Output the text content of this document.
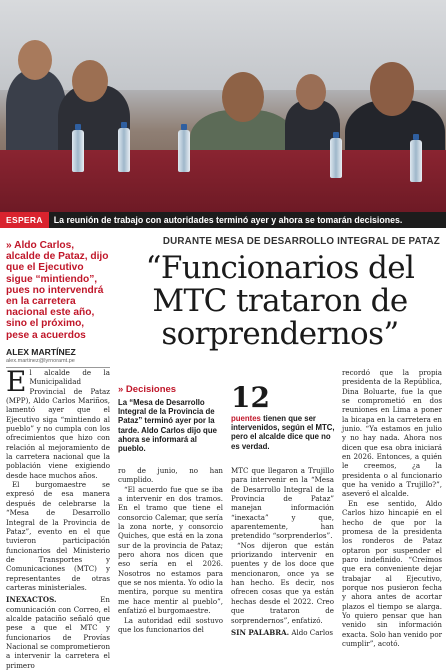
ESPERA	La reunión de trabajo con autoridades terminó ayer y ahora se tomarán decisiones.
DURANTE MESA DE DESARROLLO INTEGRAL DE PATAZ
“Funcionarios del MTC trataron de sorprendernos”
» Aldo Carlos, alcalde de Pataz, dijo que el Ejecutivo sigue “mintiendo”, pues no intervendrá en la carretera nacional este año, sino el próximo, pese a acuerdos
ALEX MARTÍNEZ
alex.martinez@lyrnoramt.pe

El alcalde de la Municipalidad Provincial de Pataz (MPP), Aldo Carlos Mariños, lamentó ayer que el Ejecutivo siga “mintiendo al pueblo” y no cumpla con los ofrecimientos que hizo con relación al mejoramiento de la carretera nacional que la población viene exigiendo desde hace muchos años.

El burgomaestre se expresó de esa manera después de celebrarse la “Mesa de Desarrollo Integral de la Provincia de Pataz”, evento en el que tuvieron participación funcionarios del Ministerio de Transportes y Comunicaciones (MTC) y representantes de otras carteras ministeriales.

INEXACTOS. En comunicación con Correo, el alcalde pataciño señaló que pese a que el MTC y funcionarios de Provías Nacional se comprometieron a intervenir la carretera el primero

» Decisiones
La “Mesa de Desarrollo Integral de la Provincia de Pataz” terminó ayer por la tarde. Aldo Carlos dijo que ahora se informará al pueblo.
12
puentes tienen que ser intervenidos, según el MTC, pero el alcalde dice que no es verdad.

ro de junio, no han cumplido.

“El acuerdo fue que se iba a intervenir en dos tramos. En el tramo que tiene el consorcio Calemar, que sería la zona norte, y consorcio Quiches, que está en la zona sur de la provincia de Pataz; pero ahora nos dicen que eso sería en el 2026. Nosotros no estamos para que se nos mienta. Yo odio la mentira, porque su mentira me hace mentir al pueblo”, enfatizó el burgomaestre.

La autoridad edil sostuvo que los funcionarios del

MTC que llegaron a Trujillo para intervenir en la “Mesa de Desarrollo Integral de la Provincia de Pataz” manejan información “inexacta” y que, aparentemente, han pretendido “sorprenderlos”.

“Nos dijeron que están priorizando intervenir en puentes y de los doce que mencionaron, once ya se han hecho. Es decir, nos ofrecen cosas que ya están hechas desde el 2022. Creo que trataron de sorprendernos”, enfatizó.

SIN PALABRA. Aldo Carlos

recordó que la propia presidenta de la República, Dina Boluarte, fue la que se comprometió en dos reuniones en Lima a poner la bicapa en la carretera en junio. “Ya estamos en julio y no hay nada. Ahora nos dicen que esa obra iniciará en 2026. Entonces, a quién le creemos, ¿a la presidenta o al funcionario que ha venido a Trujillo?”, aseveró el alcalde.

En ese sentido, Aldo Carlos hizo hincapié en el hecho de que por la promesa de la presidenta los ronderos de Pataz optaron por suspender el paro indefinido. “Creímos que era conveniente dejar trabajar al Ejecutivo, porque nos pusieron fecha y ahora antes de acortar plazos el tiempo se alarga. Yo quiero pensar que han venido sin información exacta. Solo han venido por cumplir”, acotó.
